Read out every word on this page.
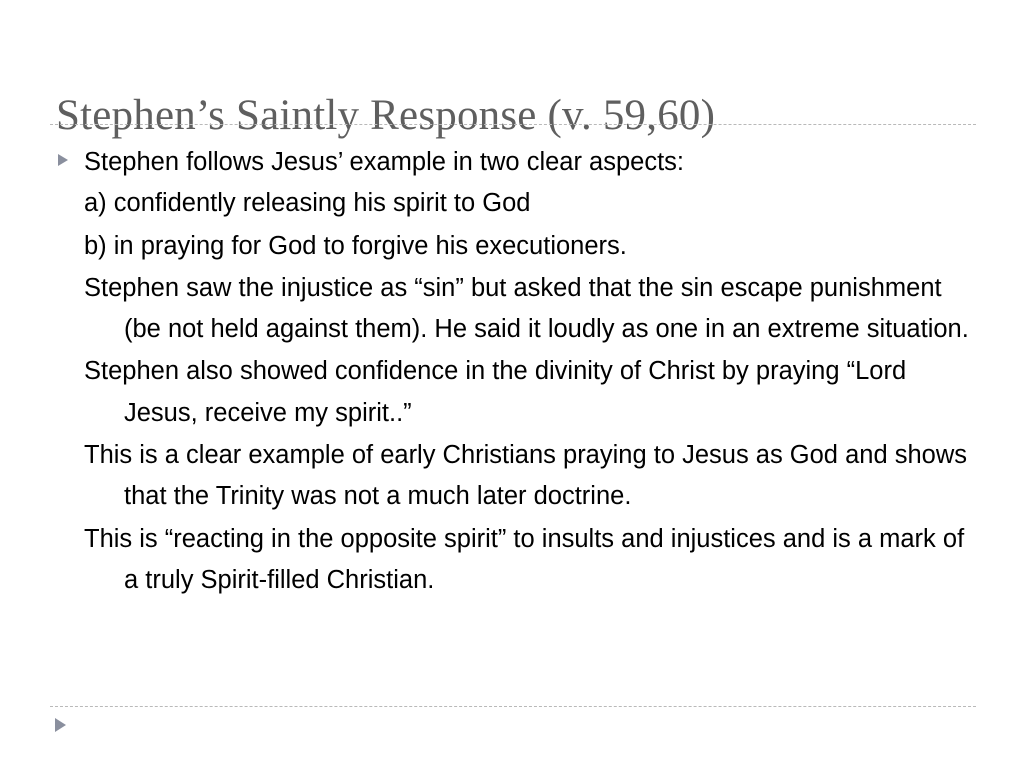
Stephen’s Saintly Response (v. 59,60)
Stephen follows Jesus’ example in two clear aspects:
a) confidently releasing his spirit to God
b) in praying for God to forgive his executioners.
Stephen saw the injustice as “sin” but asked that the sin escape punishment (be not held against them). He said it loudly as one in an extreme situation.
Stephen also showed confidence in the divinity of Christ by praying “Lord Jesus, receive my spirit..”
This is a clear example of early Christians praying to Jesus as God and shows that the Trinity was not a much later doctrine.
This is “reacting in the opposite spirit” to insults and injustices and is a mark of a truly Spirit-filled Christian.
